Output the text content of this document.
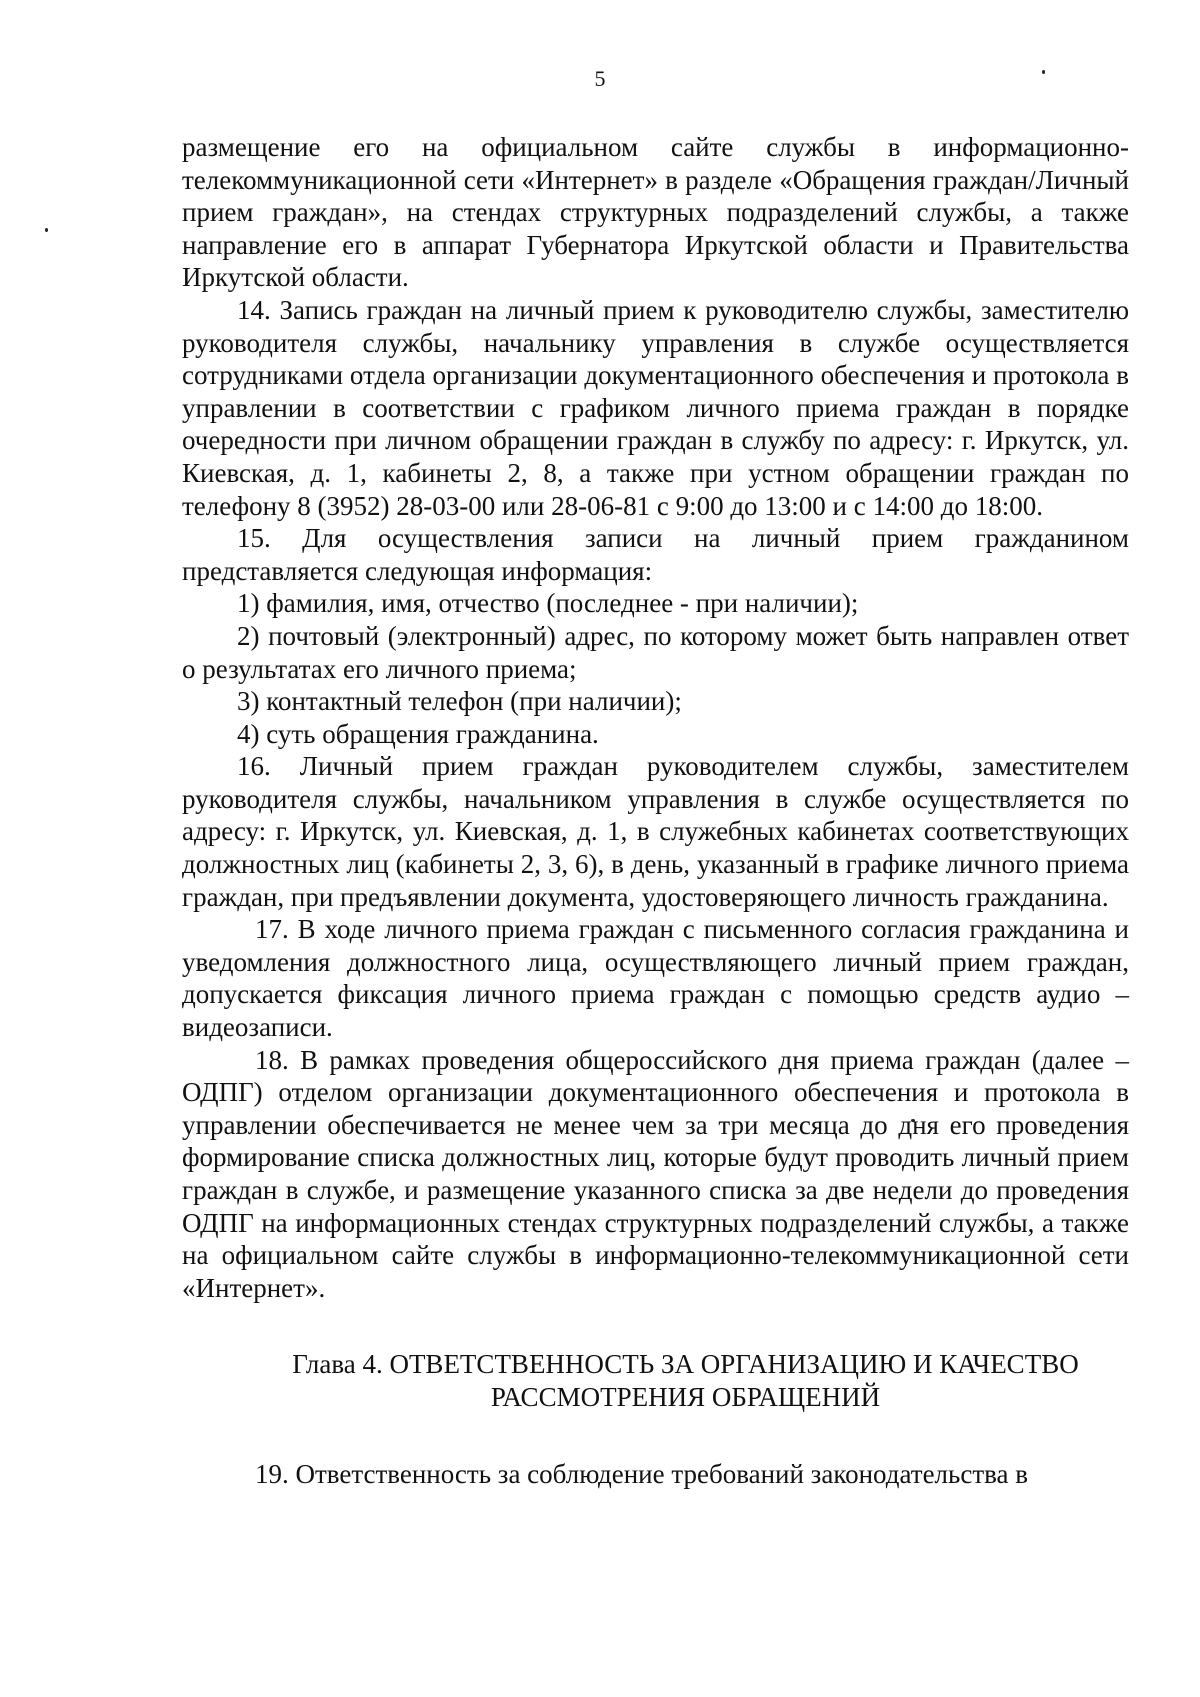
5

размещение его на официальном сайте службы в информационно-телекоммуникационной сети «Интернет» в разделе «Обращения граждан/Личный прием граждан», на стендах структурных подразделений службы, а также направление его в аппарат Губернатора Иркутской области и Правительства Иркутской области.

14. Запись граждан на личный прием к руководителю службы, заместителю руководителя службы, начальнику управления в службе осуществляется сотрудниками отдела организации документационного обеспечения и протокола в управлении в соответствии с графиком личного приема граждан в порядке очередности при личном обращении граждан в службу по адресу: г. Иркутск, ул. Киевская, д. 1, кабинеты 2, 8, а также при устном обращении граждан по телефону 8 (3952) 28-03-00 или 28-06-81 с 9:00 до 13:00 и с 14:00 до 18:00.

15. Для осуществления записи на личный прием гражданином представляется следующая информация:

1) фамилия, имя, отчество (последнее - при наличии);

2) почтовый (электронный) адрес, по которому может быть направлен ответ о результатах его личного приема;

3) контактный телефон (при наличии);

4) суть обращения гражданина.

16. Личный прием граждан руководителем службы, заместителем руководителя службы, начальником управления в службе осуществляется по адресу: г. Иркутск, ул. Киевская, д. 1, в служебных кабинетах соответствующих должностных лиц (кабинеты 2, 3, 6), в день, указанный в графике личного приема граждан, при предъявлении документа, удостоверяющего личность гражданина.

17. В ходе личного приема граждан с письменного согласия гражданина и уведомления должностного лица, осуществляющего личный прием граждан, допускается фиксация личного приема граждан с помощью средств аудио – видеозаписи.

18. В рамках проведения общероссийского дня приема граждан (далее – ОДПГ) отделом организации документационного обеспечения и протокола в управлении обеспечивается не менее чем за три месяца до дня его проведения формирование списка должностных лиц, которые будут проводить личный прием граждан в службе, и размещение указанного списка за две недели до проведения ОДПГ на информационных стендах структурных подразделений службы, а также на официальном сайте службы в информационно-телекоммуникационной сети «Интернет».

Глава 4. ОТВЕТСТВЕННОСТЬ ЗА ОРГАНИЗАЦИЮ И КАЧЕСТВО
РАССМОТРЕНИЯ ОБРАЩЕНИЙ

19. Ответственность за соблюдение требований законодательства в
